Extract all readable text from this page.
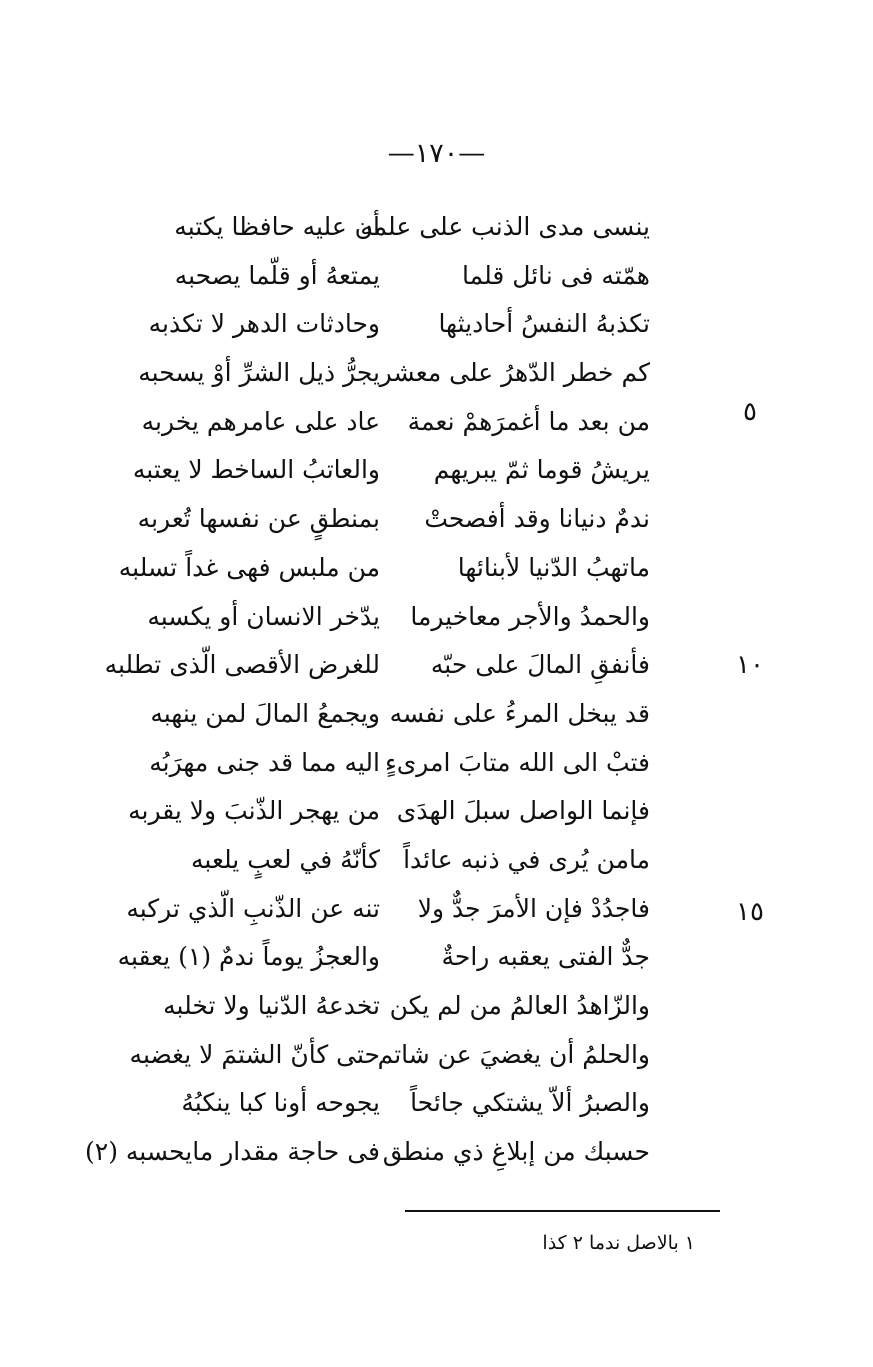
—١٧٠—
٥
١٠
١٥
ينسى مدى الذنب على علمه
أن عليه حافظا يكتبه
همّته فى نائل قلما
يمتعهُ أو قلّما يصحبه
تكذبهُ النفسُ أحاديثها
وحادثات الدهر لا تكذبه
كم خطر الدّهرُ على معشر
يجرُّ ذيل الشرِّ أوْ يسحبه
من بعد ما أغمرَهمْ نعمة
عاد على عامرهم يخربه
يريشُ قوما ثمّ يبريهم
والعاتبُ الساخط لا يعتبه
ندمٌ دنيانا وقد أفصحتْ
بمنطقٍ عن نفسها تُعربه
ماتهبُ الدّنيا لأبنائها
من ملبس فهى غداً تسلبه
والحمدُ والأجر معاخيرما
يدّخر الانسان أو يكسبه
فأنفقِ المالَ على حبّه
للغرض الأقصى الّذى تطلبه
قد يبخل المرءُ على نفسه
ويجمعُ المالَ لمن ينهبه
فتبْ الى الله متابَ امرىءٍ
اليه مما قد جنى مهرَبُه
فإنما الواصل سبلَ الهدَى
من يهجر الذّنبَ ولا يقربه
مامن يُرى في ذنبه عائداً
كأنّهُ في لعبٍ يلعبه
فاجدُدْ فإن الأمرَ جدٌّ ولا
تنه عن الذّنبِ الّذي تركبه
جدٌّ الفتى يعقبه راحةٌ
والعجزُ يوماً ندمٌ (١) يعقبه
والزّاهدُ العالمُ من لم يكن
تخدعهُ الدّنيا ولا تخلبه
والحلمُ أن يغضيَ عن شاتم
حتى كأنّ الشتمَ لا يغضبه
والصبرُ ألاّ يشتكي جائحاً
يجوحه أونا كبا ينكبُهُ
حسبك من إبلاغِ ذي منطق
فى حاجة مقدار مايحسبه (٢)
١ بالاصل ندما ٢ كذا
